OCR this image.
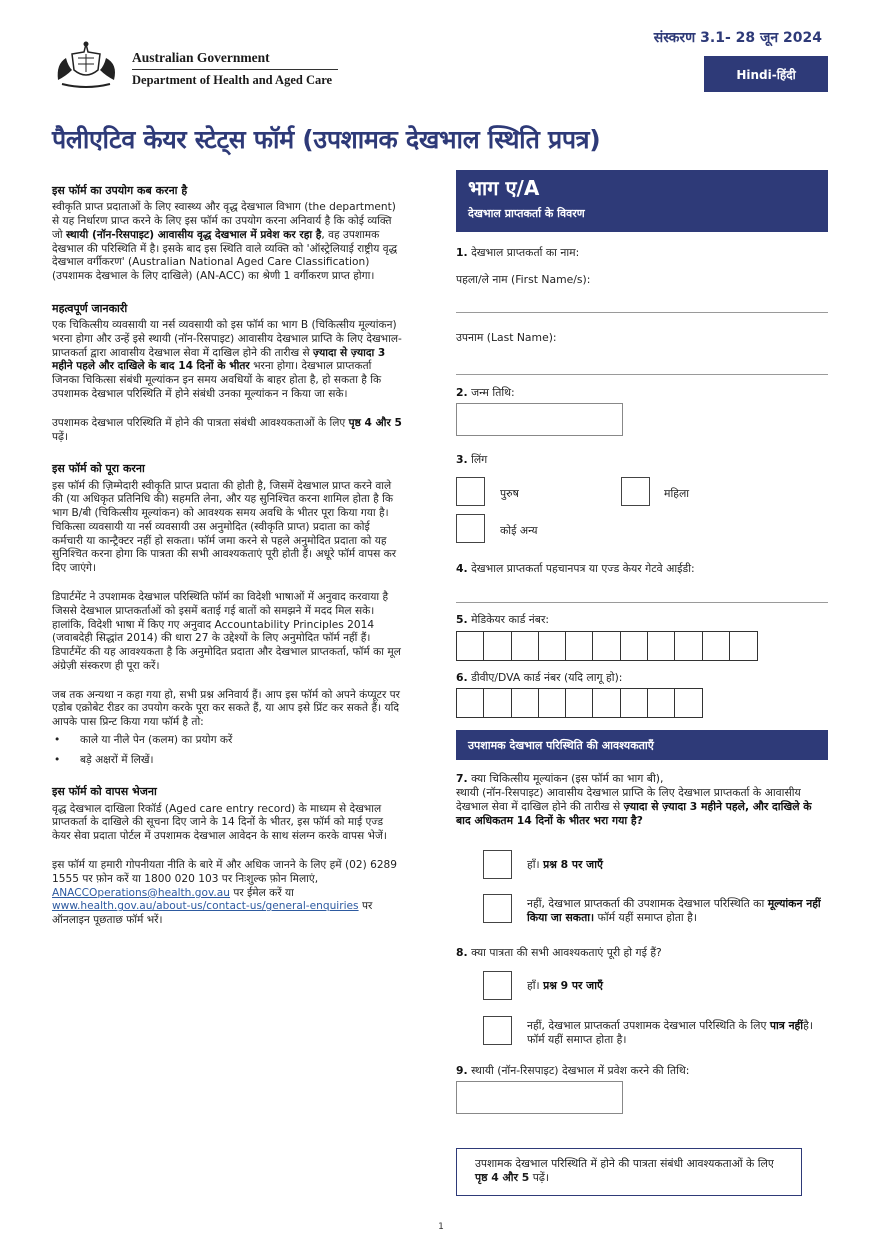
Australian Government
Department of Health and Aged Care
संस्करण 3.1- 28 जून 2024
Hindi-हिंदी
पैलीएटिव केयर स्टेट्स फॉर्म (उपशामक देखभाल स्थिति प्रपत्र)
इस फॉर्म का उपयोग कब करना है

स्वीकृति प्राप्त प्रदाताओं के लिए स्वास्थ्य और वृद्ध देखभाल विभाग (the department) से यह निर्धारण प्राप्त करने के लिए इस फॉर्म का उपयोग करना अनिवार्य है कि कोई व्यक्ति जो स्थायी (नॉन-रिसपाइट) आवासीय वृद्ध देखभाल में प्रवेश कर रहा है, वह उपशामक देखभाल की परिस्थिति में है। इसके बाद इस स्थिति वाले व्यक्ति को 'ऑस्ट्रेलियाई राष्ट्रीय वृद्ध देखभाल वर्गीकरण' (Australian National Aged Care Classification) (उपशामक देखभाल के लिए दाखिले) (AN-ACC) का श्रेणी 1 वर्गीकरण प्राप्त होगा।

महत्वपूर्ण जानकारी

एक चिकित्सीय व्यवसायी या नर्स व्यवसायी को इस फॉर्म का भाग B (चिकित्सीय मूल्यांकन) भरना होगा और उन्हें इसे स्थायी (नॉन-रिसपाइट) आवासीय देखभाल प्राप्ति के लिए देखभाल-प्राप्तकर्ता द्वारा आवासीय देखभाल सेवा में दाखिल होने की तारीख से ज़्यादा से ज़्यादा 3 महीने पहले और दाखिले के बाद 14 दिनों के भीतर भरना होगा। देखभाल प्राप्तकर्ता जिनका चिकित्सा संबंधी मूल्यांकन इन समय अवधियों के बाहर होता है, हो सकता है कि उपशामक देखभाल परिस्थिति में होने संबंधी उनका मूल्यांकन न किया जा सके।

उपशामक देखभाल परिस्थिति में होने की पात्रता संबंधी आवश्यकताओं के लिए पृष्ठ 4 और 5 पढ़ें।

इस फॉर्म को पूरा करना

इस फॉर्म की ज़िम्मेदारी स्वीकृति प्राप्त प्रदाता की होती है, जिसमें देखभाल प्राप्त करने वाले की (या अधिकृत प्रतिनिधि की) सहमति लेना, और यह सुनिश्चित करना शामिल होता है कि भाग B/बी (चिकित्सीय मूल्यांकन) को आवश्यक समय अवधि के भीतर पूरा किया गया है। चिकित्सा व्यवसायी या नर्स व्यवसायी उस अनुमोदित (स्वीकृति प्राप्त) प्रदाता का कोई कर्मचारी या कान्ट्रैक्टर नहीं हो सकता। फॉर्म जमा करने से पहले अनुमोदित प्रदाता को यह सुनिश्चित करना होगा कि पात्रता की सभी आवश्यकताएं पूरी होती हैं। अधूरे फॉर्म वापस कर दिए जाएंगे।

डिपार्टमेंट ने उपशामक देखभाल परिस्थिति फॉर्म का विदेशी भाषाओं में अनुवाद करवाया है जिससे देखभाल प्राप्तकर्ताओं को इसमें बताई गई बातों को समझने में मदद मिल सके। हालांकि, विदेशी भाषा में किए गए अनुवाद Accountability Principles 2014 (जवाबदेही सिद्धांत 2014) की धारा 27 के उद्देश्यों के लिए अनुमोदित फॉर्म नहीं हैं। डिपार्टमेंट की यह आवश्यकता है कि अनुमोदित प्रदाता और देखभाल प्राप्तकर्ता, फॉर्म का मूल अंग्रेज़ी संस्करण ही पूरा करें।

जब तक अन्यथा न कहा गया हो, सभी प्रश्न अनिवार्य हैं। आप इस फॉर्म को अपने कंप्यूटर पर एडोब एक्रोबेट रीडर का उपयोग करके पूरा कर सकते हैं, या आप इसे प्रिंट कर सकते हैं। यदि आपके पास प्रिन्ट किया गया फॉर्म है तो:

• काले या नीले पेन (कलम) का प्रयोग करें
• बड़े अक्षरों में लिखें।
इस फॉर्म को वापस भेजना

वृद्ध देखभाल दाखिला रिकॉर्ड (Aged care entry record) के माध्यम से देखभाल प्राप्तकर्ता के दाखिले की सूचना दिए जाने के 14 दिनों के भीतर, इस फॉर्म को माई एज्ड केयर सेवा प्रदाता पोर्टल में उपशामक देखभाल आवेदन के साथ संलग्न करके वापस भेजें।

इस फॉर्म या हमारी गोपनीयता नीति के बारे में और अधिक जानने के लिए हमें (02) 6289 1555 पर फ़ोन करें या 1800 020 103 पर निःशुल्क फ़ोन मिलाएं, ANACCOperations@health.gov.au पर ईमेल करें या www.health.gov.au/about-us/contact-us/general-enquiries पर ऑनलाइन पूछताछ फॉर्म भरें।

भाग ए/A
देखभाल प्राप्तकर्ता के विवरण
1. देखभाल प्राप्तकर्ता का नाम:
पहला/ले नाम (First Name/s):
उपनाम (Last Name):
2. जन्म तिथि:
3. लिंग
पुरुष	महिला
कोई अन्य
4. देखभाल प्राप्तकर्ता पहचानपत्र या एज्ड केयर गेटवे आईडी:
5. मेडिकेयर कार्ड नंबर:
6. डीवीए/DVA कार्ड नंबर (यदि लागू हो):
उपशामक देखभाल परिस्थिति की आवश्यकताएँ
7. क्या चिकित्सीय मूल्यांकन (इस फॉर्म का भाग बी),
स्थायी (नॉन-रिसपाइट) आवासीय देखभाल प्राप्ति के लिए देखभाल प्राप्तकर्ता के आवासीय देखभाल सेवा में दाखिल होने की तारीख से ज़्यादा से ज़्यादा 3 महीने पहले, और दाखिले के बाद अधिकतम 14 दिनों के भीतर भरा गया है?
हाँ। प्रश्न 8 पर जाएँ
नहीं, देखभाल प्राप्तकर्ता की उपशामक देखभाल परिस्थिति का मूल्यांकन नहीं किया जा सकता। फॉर्म यहीं समाप्त होता है।
8. क्या पात्रता की सभी आवश्यकताएं पूरी हो गई हैं?
हाँ। प्रश्न 9 पर जाएँ
नहीं, देखभाल प्राप्तकर्ता उपशामक देखभाल परिस्थिति के लिए पात्र नहींहै। फॉर्म यहीं समाप्त होता है।
9. स्थायी (नॉन-रिसपाइट) देखभाल में प्रवेश करने की तिथि:
उपशामक देखभाल परिस्थिति में होने की पात्रता संबंधी आवश्यकताओं के लिए पृष्ठ 4 और 5 पढ़ें।
1
